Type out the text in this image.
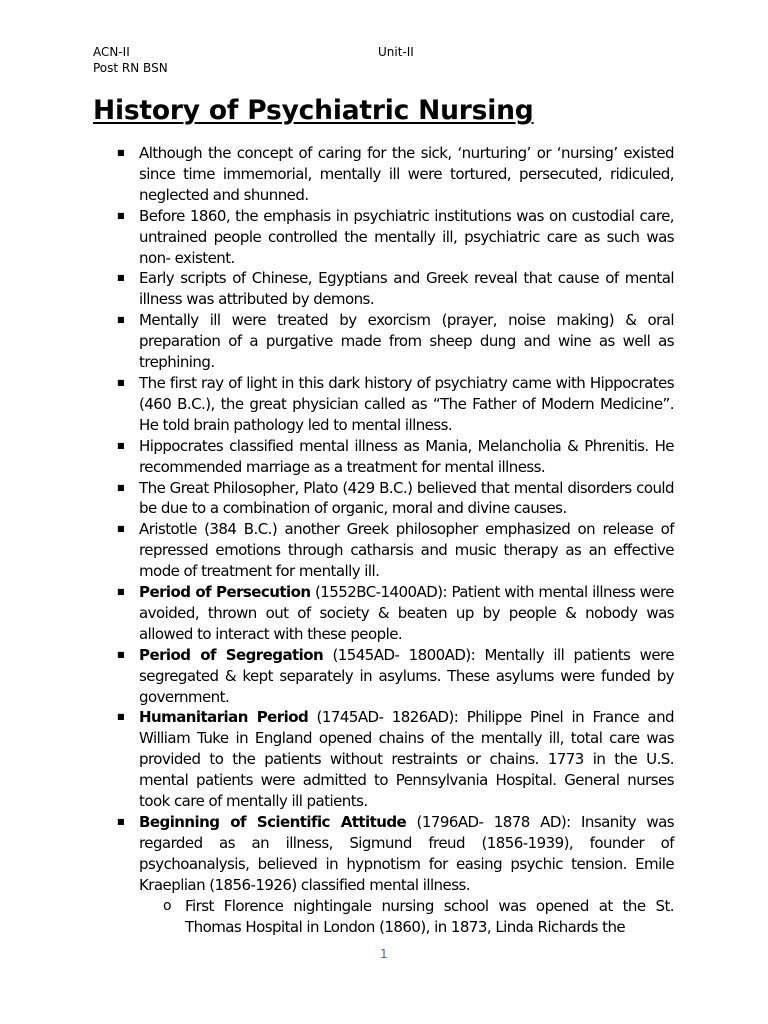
ACN-II
Post RN BSN
Unit-II
History of Psychiatric Nursing
■ Although the concept of caring for the sick, ‘nurturing’ or ‘nursing’ existed since time immemorial, mentally ill were tortured, persecuted, ridiculed, neglected and shunned.
■ Before 1860, the emphasis in psychiatric institutions was on custodial care, untrained people controlled the mentally ill, psychiatric care as such was non- existent.
■ Early scripts of Chinese, Egyptians and Greek reveal that cause of mental illness was attributed by demons.
■ Mentally ill were treated by exorcism (prayer, noise making) & oral preparation of a purgative made from sheep dung and wine as well as trephining.
■ The first ray of light in this dark history of psychiatry came with Hippocrates (460 B.C.), the great physician called as “The Father of Modern Medicine”. He told brain pathology led to mental illness.
■ Hippocrates classified mental illness as Mania, Melancholia & Phrenitis. He recommended marriage as a treatment for mental illness.
■ The Great Philosopher, Plato (429 B.C.) believed that mental disorders could be due to a combination of organic, moral and divine causes.
■ Aristotle (384 B.C.) another Greek philosopher emphasized on release of repressed emotions through catharsis and music therapy as an effective mode of treatment for mentally ill.
■ Period of Persecution (1552BC-1400AD): Patient with mental illness were avoided, thrown out of society & beaten up by people & nobody was allowed to interact with these people.
■ Period of Segregation (1545AD- 1800AD): Mentally ill patients were segregated & kept separately in asylums. These asylums were funded by government.
■ Humanitarian Period (1745AD- 1826AD): Philippe Pinel in France and William Tuke in England opened chains of the mentally ill, total care was provided to the patients without restraints or chains. 1773 in the U.S. mental patients were admitted to Pennsylvania Hospital. General nurses took care of mentally ill patients.
■ Beginning of Scientific Attitude (1796AD- 1878 AD): Insanity was regarded as an illness, Sigmund freud (1856-1939), founder of psychoanalysis, believed in hypnotism for easing psychic tension. Emile Kraeplian (1856-1926) classified mental illness.
o First Florence nightingale nursing school was opened at the St. Thomas Hospital in London (1860), in 1873, Linda Richards the
1
